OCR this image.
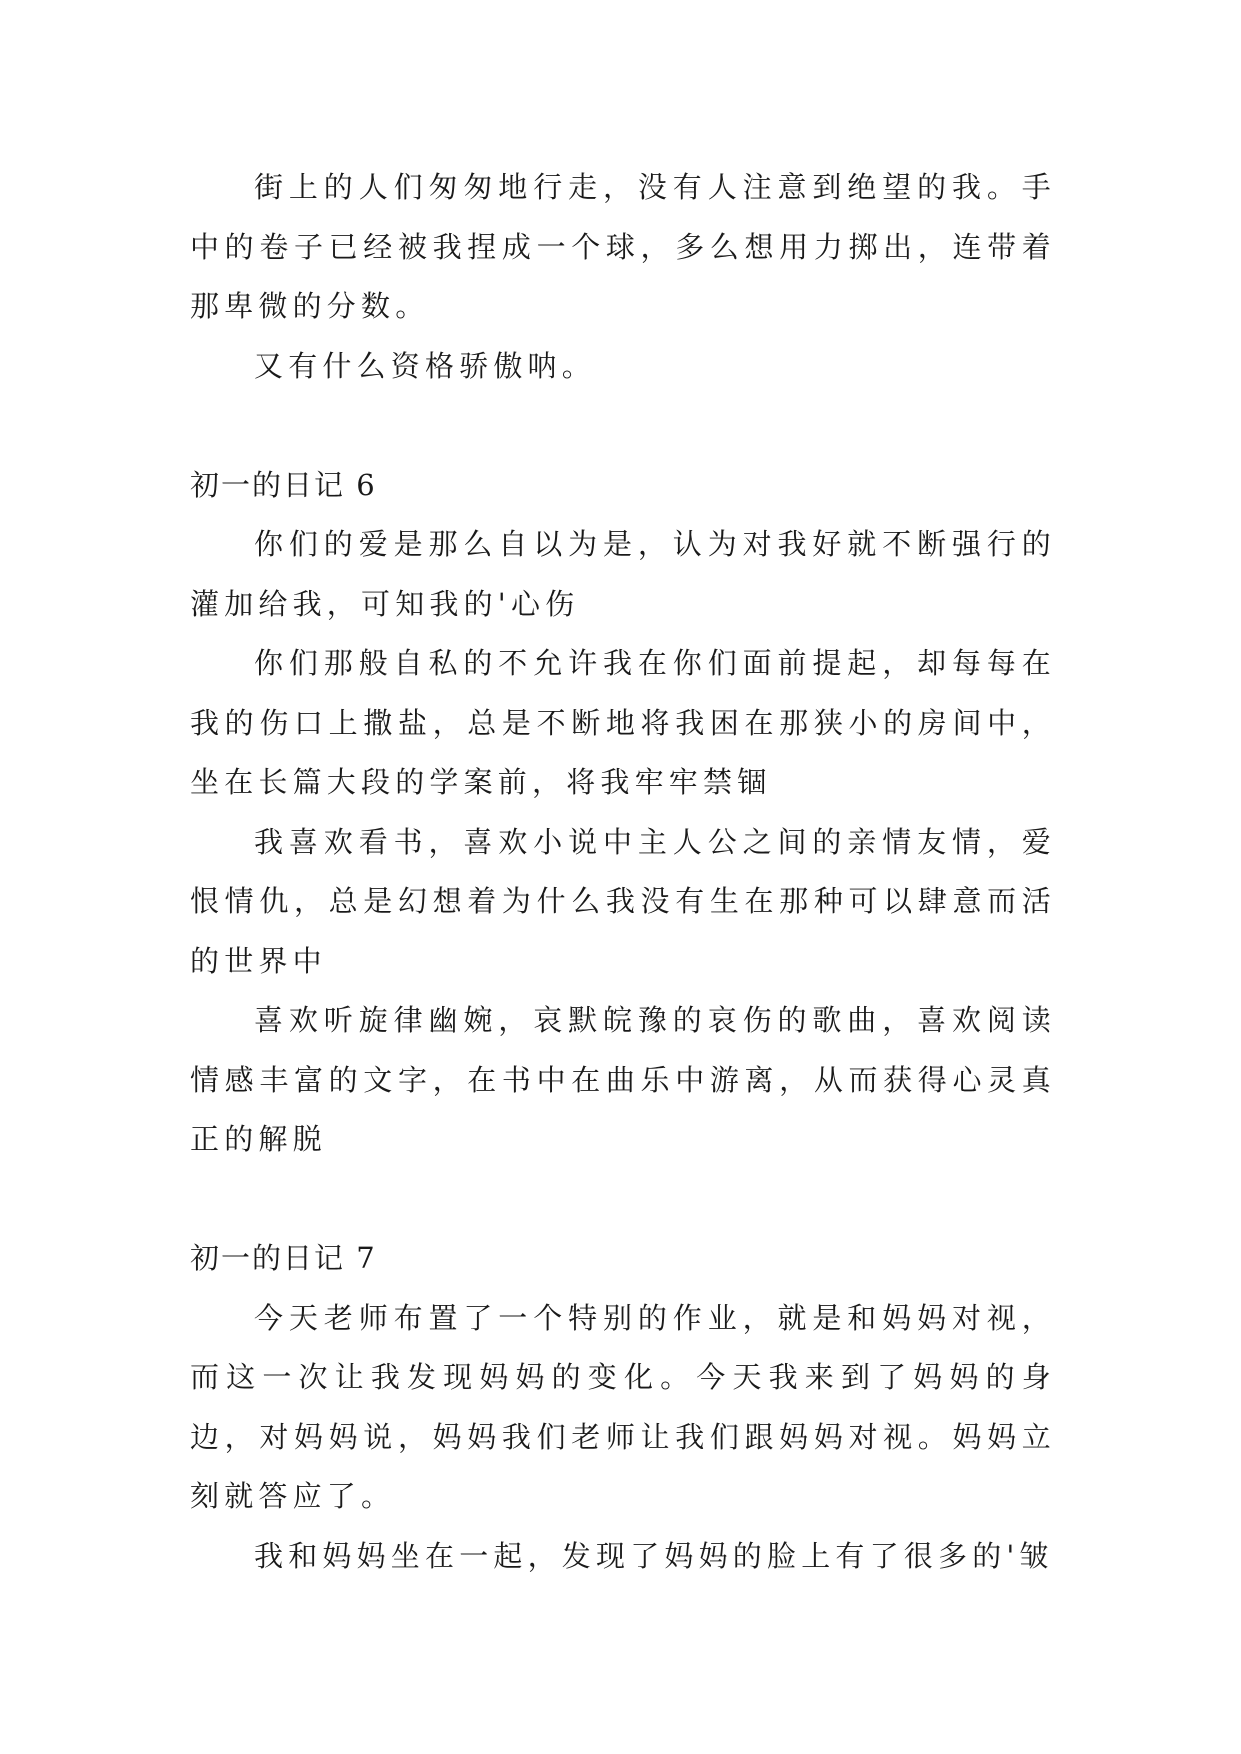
街上的人们匆匆地行走，没有人注意到绝望的我。手中的卷子已经被我捏成一个球，多么想用力掷出，连带着那卑微的分数。

又有什么资格骄傲呐。

初一的日记 6

你们的爱是那么自以为是，认为对我好就不断强行的灌加给我，可知我的'心伤

你们那般自私的不允许我在你们面前提起，却每每在我的伤口上撒盐，总是不断地将我困在那狭小的房间中，坐在长篇大段的学案前，将我牢牢禁锢

我喜欢看书，喜欢小说中主人公之间的亲情友情，爱恨情仇，总是幻想着为什么我没有生在那种可以肆意而活的世界中

喜欢听旋律幽婉，哀默皖豫的哀伤的歌曲，喜欢阅读情感丰富的文字，在书中在曲乐中游离，从而获得心灵真正的解脱

初一的日记 7

今天老师布置了一个特别的作业，就是和妈妈对视，而这一次让我发现妈妈的变化。今天我来到了妈妈的身边，对妈妈说，妈妈我们老师让我们跟妈妈对视。妈妈立刻就答应了。

我和妈妈坐在一起，发现了妈妈的脸上有了很多的'皱
